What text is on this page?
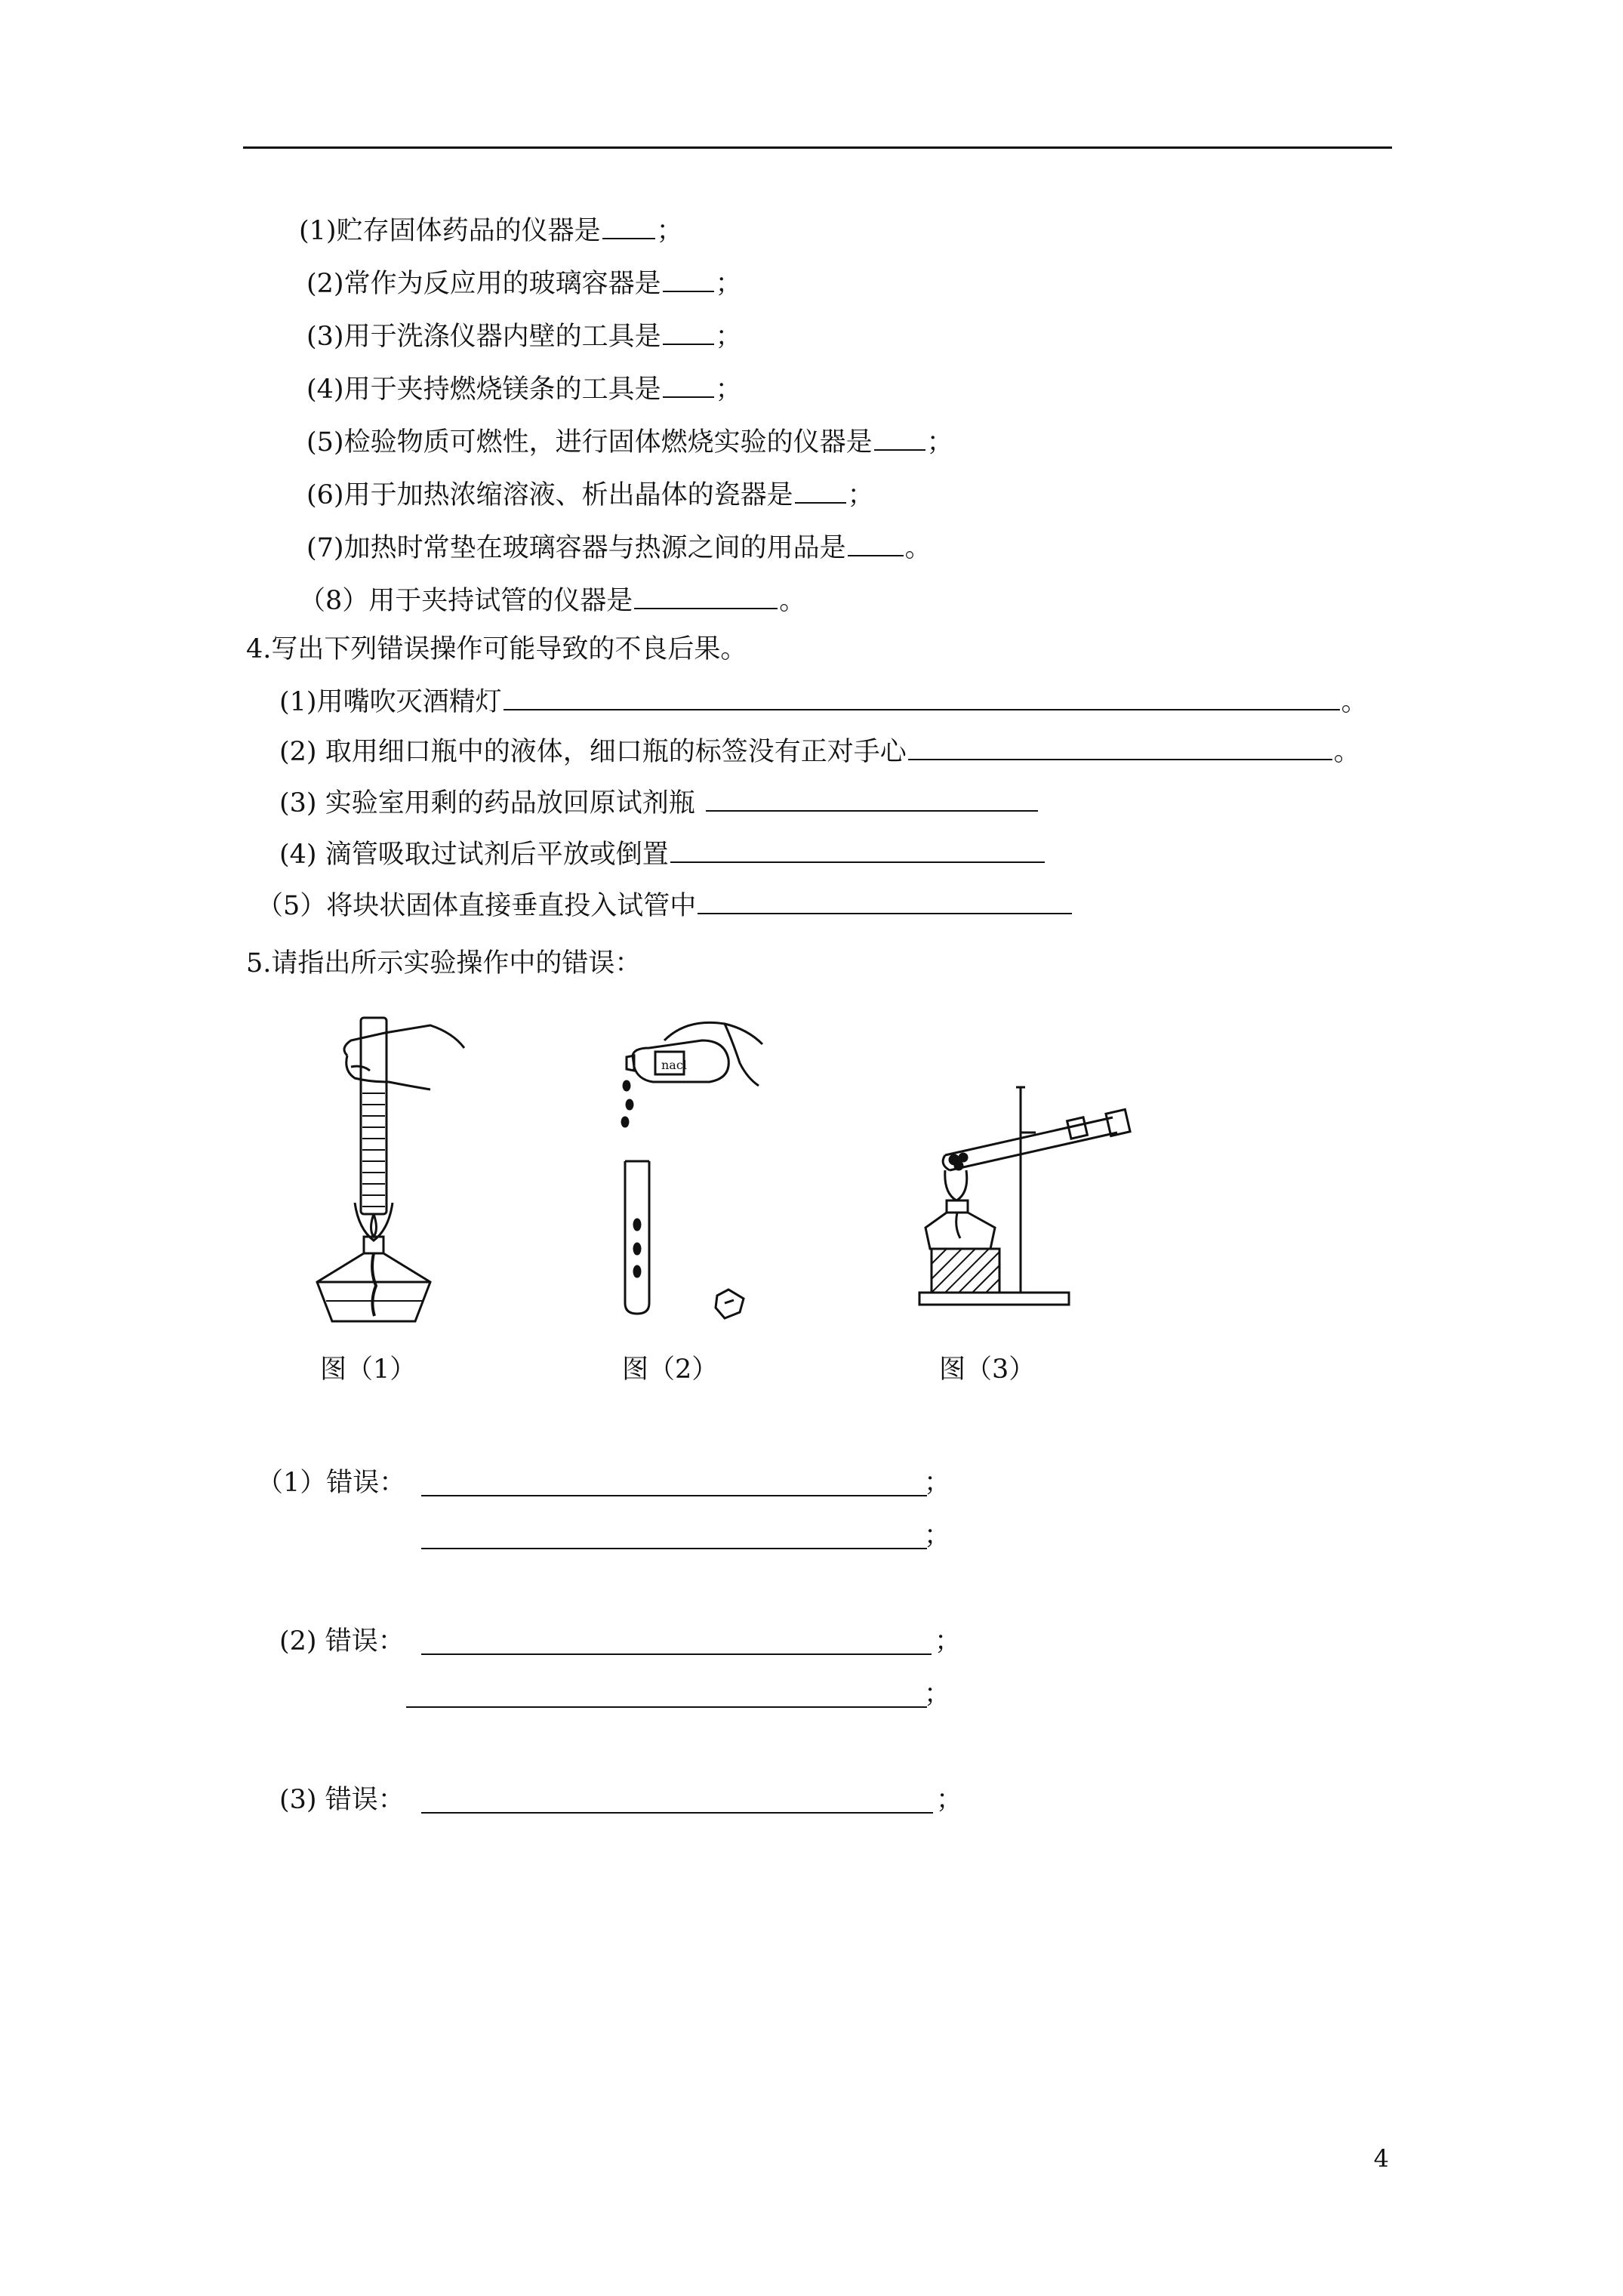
(1)贮存固体药品的仪器是 ；
(2)常作为反应用的玻璃容器是 ；
(3)用于洗涤仪器内壁的工具是 ；
(4)用于夹持燃烧镁条的工具是 ；
(5)检验物质可燃性，进行固体燃烧实验的仪器是 ；
(6)用于加热浓缩溶液、析出晶体的瓷器是 ；
(7)加热时常垫在玻璃容器与热源之间的用品是 。
（8）用于夹持试管的仪器是	。
4.写出下列错误操作可能导致的不良后果。
(1)用嘴吹灭酒精灯	。
(2) 取用细口瓶中的液体，细口瓶的标签没有正对手心	。
(3) 实验室用剩的药品放回原试剂瓶
(4) 滴管吸取过试剂后平放或倒置
（5）将块状固体直接垂直投入试管中
5.请指出所示实验操作中的错误：
nacl
图（1）	图（2）	图（3）
（1）错误：	；
；
(2) 错误：	；
；
(3) 错误：	；
4
